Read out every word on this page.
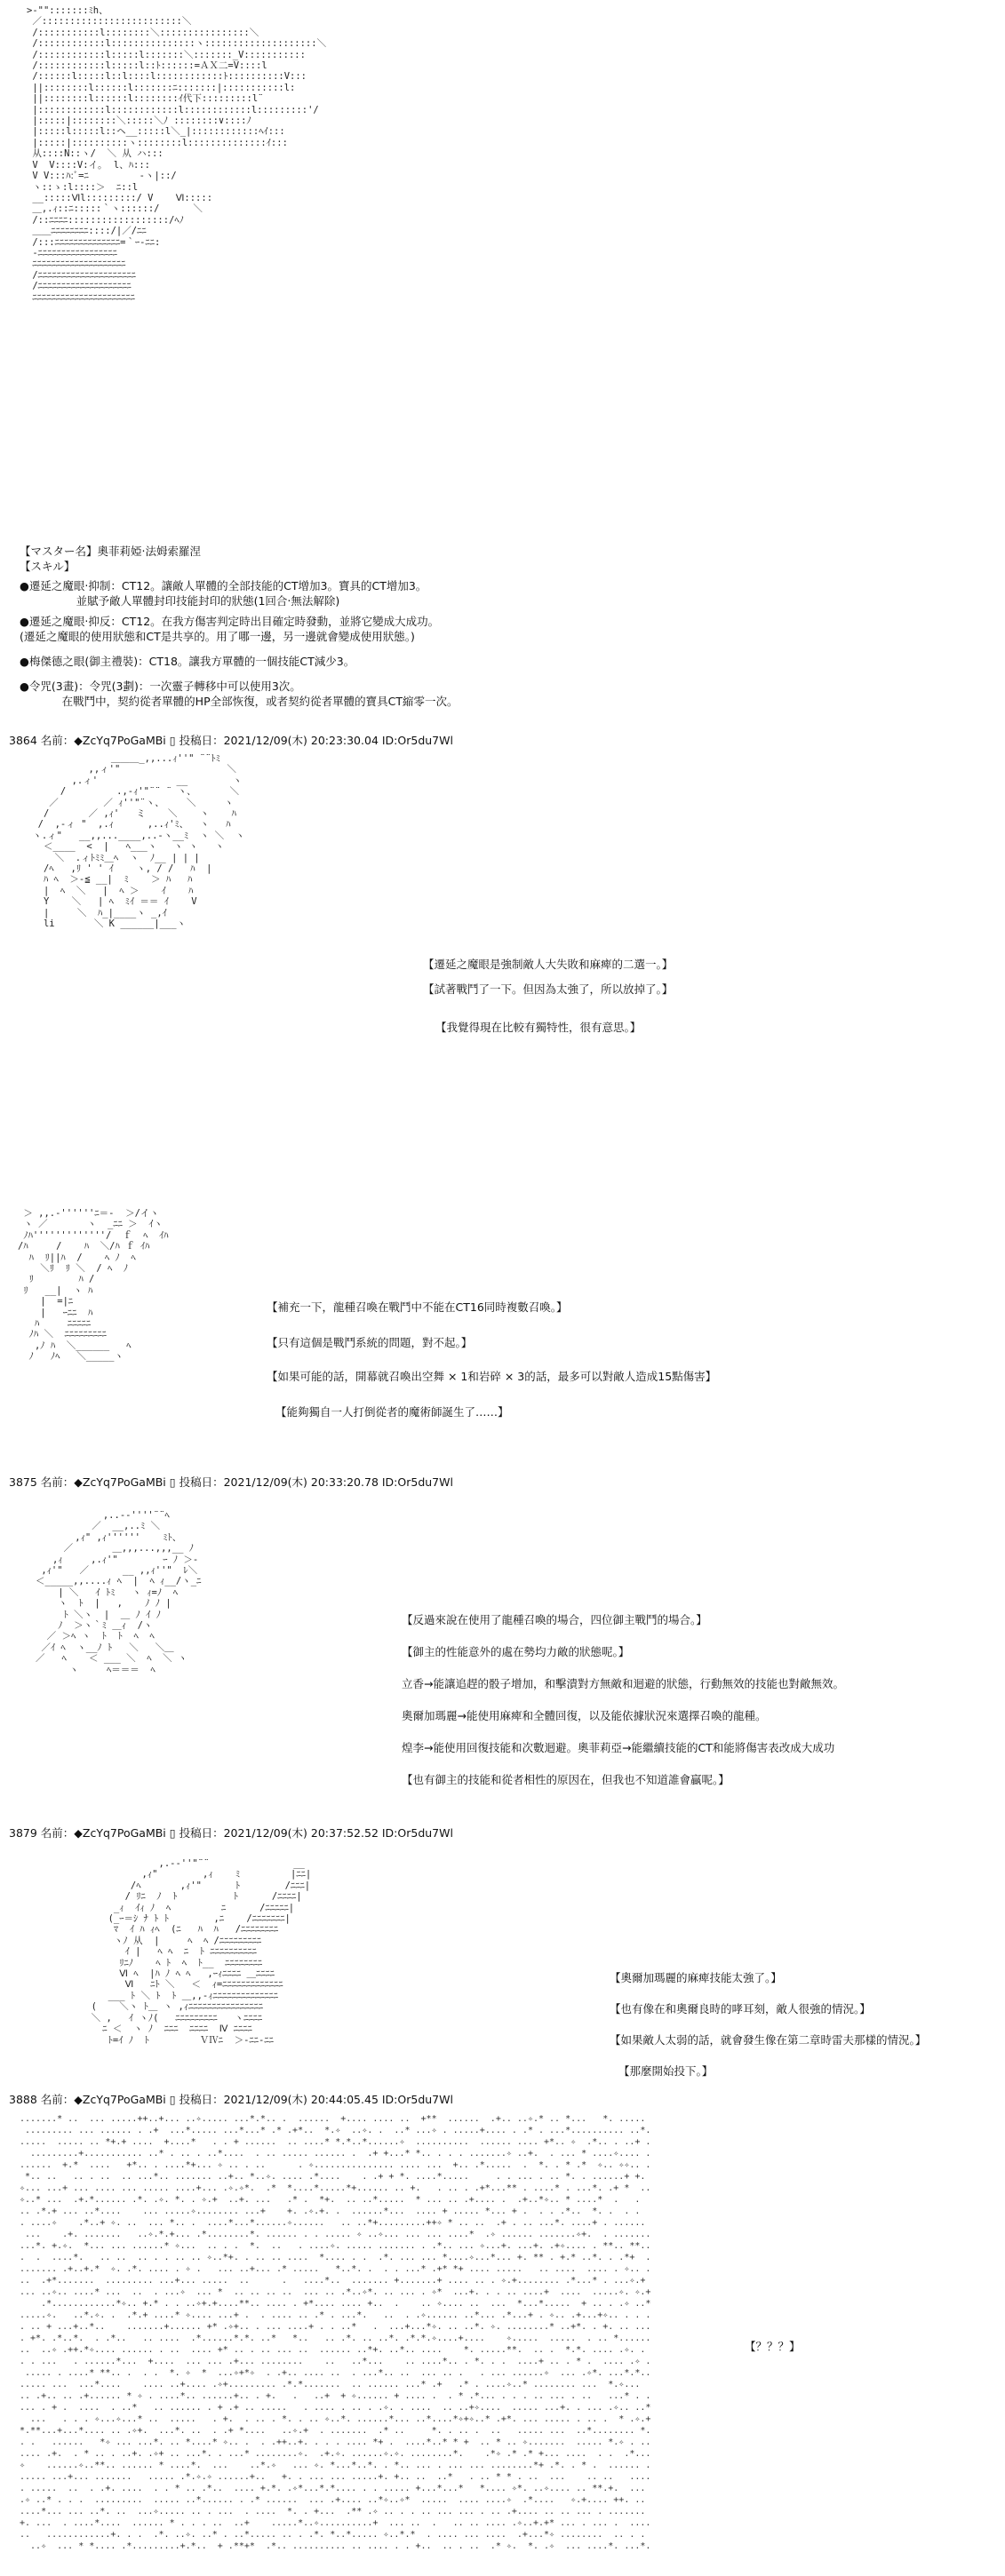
>‐"":::::::ﾐh、
／:::::::::::::::::::::::::＼
/:::::::::::l::::::::＼::::::::::::::::＼
/::::::::::::l:::::::::::::::ヽ::::::::::::::::::::＼
/::::::::::::l:::::l:::::::＼:::::::_V:::::::::::
/::::::::::::l:::::l::ﾄ::::::=ＡＸ二=V::::l
/::::::l:::::l::l::::l::::::::::::ﾄ::::::::::V:::
||::::::::l::::::l:::::::ﾆ:::::::|:::::::::::l:
||::::::::l::::::l::::::::ｲ代下:::::::::l¨
|::::::::::::l::::::::::::l::::::::::::l:::::::::'/
|:::::|::::::::＼:::::＼ﾉ ::::::::∨::::ﾉ
|:::::l:::::l::ヘ__:::::l＼_|::::::::::::ﾍｲ:::
|:::::|::::::::::ヽ::::::::l::::::::::::::ｲ:::
从::::N::ヽ/  ＼ 从 ハ:::
V  V::::V:イ｡  l、ﾊ:::
V V:::ﾊ:ﾞ=ﾆ         ‐ヽ|::/
ヽ::ゝ:l::::＞  ﾆ::l
__:::::Ⅵl:::::::::/ V    Ⅵ:::::
＿,.ｨ::ﾆ:::::｀ヽ::::::/      ＼
/::ﾆﾆﾆﾆ::::::::::::::::::/ﾍﾉ
＿＿ﾆﾆﾆﾆﾆﾆﾆﾆ::::/|／/ﾆﾆ
/:::ﾆﾆﾆﾆﾆﾆﾆﾆﾆﾆﾆﾆﾆﾆ=｀ｰ‐ﾆﾆ:
‐ﾆﾆﾆﾆﾆﾆﾆﾆﾆﾆﾆﾆﾆﾆﾆﾆﾆ
ﾆﾆﾆﾆﾆﾆﾆﾆﾆﾆﾆﾆﾆﾆﾆﾆﾆﾆﾆﾆ
/ﾆﾆﾆﾆﾆﾆﾆﾆﾆﾆﾆﾆﾆﾆﾆﾆﾆﾆﾆﾆﾆ
/ﾆﾆﾆﾆﾆﾆﾆﾆﾆﾆﾆﾆﾆﾆﾆﾆﾆﾆﾆﾆ
ﾆﾆﾆﾆﾆﾆﾆﾆﾆﾆﾆﾆﾆﾆﾆﾆﾆﾆﾆﾆﾆﾆ
【マスター名】奧菲莉婭‧法姆索羅涅
【スキル】
●遷延之魔眼‧抑制：CT12。讓敵人單體的全部技能的CT增加3。寶具的CT增加3。
並賦予敵人單體封印技能封印的狀態(1回合‧無法解除)
●遷延之魔眼‧抑反：CT12。在我方傷害判定時出目確定時發動，並將它變成大成功。
(遷延之魔眼的使用狀態和CT是共享的。用了哪一邊，另一邊就會變成使用狀態。)
●梅傑德之眼(御主禮裝)：CT18。讓我方單體的一個技能CT減少3。
●令咒(3畫)：令咒(3劃)：一次靈子轉移中可以使用3次。
在戰鬥中，契約從者單體的HP全部恢復，或者契約從者單體的寶具CT縮零一次。
3864 名前：◆ZcYq7PoGaMBi ▯ 投稿日：2021/12/09(木) 20:23:30.04 ID:Or5du7Wl
＿＿＿_,,...ｨ''" ¨¨ﾄﾐ
,,ィ'"                   ＼
,.ィ'              __        ヽ
/         .,-ｨ'"¨¨ ¨ ヽ、      ＼
／        ／ ｨ''"¨ヽ、    ＼     ヽ
/       ／ ,ｨ'   ミ    ＼    ヽ    ﾊ
/  ,-ィ "  ,.ｨ      ,..ｨ'ﾐ、  ヽ   ﾊ
ヽ.ィ"   __,,...____,..-ヽ__ﾐ  ヽ ＼  ヽ
＜____  <  |   ﾍ___ヽ   ヽ ヽ   ヽ
＼  .ィﾄﾐﾐ＿ﾍ  ヽ  ﾉ__ | | |
/ﾍ   ,ﾘ ' ' ｲ    ヽ, / /   ﾊ  |
ﾊ ﾍ  ＞‐≦ __|  ﾐ    ＞ ﾊ   ﾊ
|  ﾍ  ＼   |  ﾍ ＞    ｲ    ﾊ
Y    ＼   | ﾍ  ﾐｲ ＝＝ ｲ    V
|     ＼  ﾊ_|____ヽ _,ｲ
li       ＼ K ______|___ヽ
【遷延之魔眼是強制敵人大失敗和麻痺的二選一。】
【試著戰鬥了一下。但因為太強了，所以放掉了。】
【我覺得現在比較有獨特性，很有意思。】
＞ ,,.‐''''''ﾆ＝‐  ＞/イヽ
ヽ ／       ヽ  _ﾆﾆ ＞  ｲヽ
ﾉﾊ'''''''''''''/  ｆ  ﾍ  ｲﾊ
/ﾊ     /    ﾊ  ＼/ﾊ ｆ ｲﾊ
ﾊ  ﾘ||ﾊ  /    ﾍ ﾉ  ﾍ
＼ﾘ  ﾘ ＼  / ﾍ  ﾉ
ﾘ        ﾊ /
ﾘ   __|  ヽ ﾊ
|  =|ﾆ
|   ｰﾆﾆ  ﾊ
ﾊ     ﾆﾆﾆﾆﾆ
ﾉﾊ ＼  ﾆﾆﾆﾆﾆﾆﾆﾆﾆ
,ﾉ ﾊ  ＼______   ﾍ
ﾉ   ﾉﾍ   ＼_____ヽ
【補充一下，龍種召喚在戰鬥中不能在CT16同時複數召喚。】
【只有這個是戰鬥系統的問題，對不起。】
【如果可能的話，開幕就召喚出空舞 × 1和岩碎 × 3的話，最多可以對敵人造成15點傷害】
【能夠獨自一人打倒從者的魔術師誕生了……】
3875 名前：◆ZcYq7PoGaMBi ▯ 投稿日：2021/12/09(木) 20:33:20.78 ID:Or5du7Wl
,..-‐''''¨¨ﾍ
／  __,..ﾐ ＼
,ｨ" ,ｨ''''''    ﾐﾄ、
／       ＿,,,...,,,__ ﾉ
,ｨ     ,.ｨ'"        ｰ ﾉ ＞‐
,ｨ'"   ／      __ ,,ｨ''"  ﾚ＼
＜_____,,....ｨ ﾍ  |  ﾍ ｨ__/ヽ_ﾆ
| ＼   ｲ ﾄﾐ   ヽ ｨ=ﾉ  ﾍ
ヽ  ﾄ  |   ,    ﾉ ﾉ |
ﾄ ＼ヽ  |  ＿ ﾉ ｲ ﾉ
ﾉ  ＞ヽ｀ﾐ ＿ｨ  /ヽ
／ ＞ﾍ ヽ  ﾄ  ﾄ  ﾍ  ﾍ
／ｲ ﾍ  ヽ__ﾉ ﾄ   ＼   ＼＿
／   ﾍ    ＜ ___ ＼  ﾍ  ＼ ヽ
ヽ     ﾍ＝＝＝  ﾍ
【反過來說在使用了龍種召喚的場合，四位御主戰鬥的場合。】
【御主的性能意外的處在勢均力敵的狀態呢。】
立香→能讓追趕的骰子增加，和擊潰對方無敵和迴避的狀態，行動無效的技能也對敵無效。
奧爾加瑪麗→能使用麻痺和全體回復，以及能依據狀況來選擇召喚的龍種。
煌李→能使用回復技能和次數迴避。奧菲莉亞→能繼續技能的CT和能將傷害表改成大成功
【也有御主的技能和從者相性的原因在，但我也不知道誰會贏呢。】
3879 名前：◆ZcYq7PoGaMBi ▯ 投稿日：2021/12/09(木) 20:37:52.52 ID:Or5du7Wl
,.-‐''"¨¨               __
,ｨ"        ,ｨ    ﾐ         |ﾆﾆ|
/ﾍ       ,ｨ'"      ﾄ        /ﾆﾆﾆ|
/ ﾘﾆ  ﾉ  ﾄ          ﾄ      /ﾆﾆﾆﾆ|
_ｨ  ｲｨ ﾉ  ﾍ         ﾆ      /ﾆﾆﾆﾆﾆ|
(_ｰ＝ｼ ﾅ ﾄ ﾄ        ,ﾆ    /ﾆﾆﾆﾆﾆﾆﾆ|
ﾏ  ｲ ﾊ ｨﾍ  (ﾆ   ﾊ  ﾊ   /ﾆﾆﾆﾆﾆﾆﾆﾆ
ヽﾉ 从  |     ﾍ  ﾍ /ﾆﾆﾆﾆﾆﾆﾆﾆﾆ
ｲ |   ﾍ ﾍ  ﾆ  ﾄ ﾆﾆﾆﾆﾆﾆﾆﾆﾆﾆ
ﾘﾆﾉ    ﾍ ﾄ  ﾍ  ﾄ__  ﾆﾆﾆﾆﾆﾆﾆﾆ
Ⅵ ﾍ  |ﾊ ﾉ ﾍ ﾍ   ,ｰｨﾆﾆﾆﾆ ＿ﾆﾆﾆﾆ
Ⅵ   ﾆﾄ ＼   ＜  ｨ=ﾆﾆﾆﾆﾆﾆﾆﾆﾆﾆﾆﾆﾆ
___ ﾄ ＼ ﾄ  ﾄ ＿,,-ｨﾆﾆﾆﾆﾆﾆﾆﾆﾆﾆﾆﾆﾆﾆ
(    ＼ヽ ﾄ＿ ヽ ,ｨﾆﾆﾆﾆﾆﾆﾆﾆﾆﾆﾆﾆﾆﾆﾆﾆ
＼ ,   ｲ ヽﾉ(   ﾆﾆﾆﾆﾆﾆﾆﾆﾆ   ヽﾆﾆﾆﾆ
ﾆ ＜  ヽ ﾉ  ﾆﾆﾆ  ﾆﾆﾆﾆ  Ⅳ ﾆﾆﾆﾆ
ﾄ=ｲ ﾉ  ﾄ         ＶⅣﾆ  ＞‐ﾆﾆ‐ﾆﾆ
【奧爾加瑪麗的麻痺技能太強了。】
【也有像在和奧爾良時的哮耳刻，敵人很強的情況。】
【如果敵人太弱的話，就會發生像在第二章時雷夫那樣的情況。】
【那麼開始投下。】
3888 名前：◆ZcYq7PoGaMBi ▯ 投稿日：2021/12/09(木) 20:44:05.45 ID:Or5du7Wl
.......* ..  ... .....++..+... ..✧..... ...*.*.. .  ......  +.... .... ..  +**  ......  .+.. ..✧.* .. *...   *. .....
......... ... ...... . .+  ...*..... ...*...* .* .+*..  *.✧  ..✧. .  ..* ...✧ . .....+.... . .* . ...*.......... ..*.
.....  ..... .. *+.+ ....  +....*   . . + ......  .. ....* *.*..*......✧  ..........  ...... .... +*.. ✧  .*.. . ..+ .
.........+........... ..* . .. . ..*....  . .. ..... ...... .  .+ +...* *.. . . . .......✧ ..+.  . ... * ....✧.... .
......  +.*  ....   +*.. . ....*+... ✧ .. . ..      . ✧............... .... ...  +.. .*.....  .  *. . * .*  ✧.. ✧✧.. .
*.. ..   .. . ..  .. ...*.. ....... ..+.. *..✧. .... .*....    . .+ + *. ....*.....     . . ... . .. *. . ......+ +.
✧... ...+ ... .... ... ..... ....+... .✧.✧*.  .*  *....*.....*+...... .. +.   . .. . .+*...** . ....* . ...*. .+ *  ..
✧..* ...  .+.*...... .*. .✧. *. . ✧.+  ..+. ...   .* .  *+.  .. ..*.....  * ... .. .+.... .  .+..*✧.. * ....*  .   .
.. .*.+ ... ..*....    ... .....✧........ ...+    +. .✧.+. .  ......*...  .... + ..... *... + .  . . .*..  *. .  . .
. ....✧    .*..+ ✧. ..  ... *.. .  ....*...*......✧......   .. ..*+.........++✧ * .. ..  .+ . .. ...*. ....+ . ......
...    .+. .......   ..✧.*.+... .*........*. ...... . . ..... ✧ ..✧... ... ... ....*  .✧ ...... .......✧+.  . .......
...*. +.✧.  *... ... ......* ✧...  .. . .  *.  ..   . ....✧. ..... ....... . .*.. ... ✧...+. ...+. .+✧.... . **.. **..
.  .  ....*.   .. ..  .. . . .. .. ✧..*+. . .. .. ....  *.... . .  .*. ... ... *....✧...*... +. ** . +.* ..*. . .*+  .
....... .+..+.*  ✧. .*. .... . ✧ .   ... ..+... .* .....   *..*. .  . . ...* .+* *+ .... .....   .. ....  .... . ✧.. .
..  .+*.......  ......... ...+... .....  ..      .   ....*..  ....... +.......+ .... .. . ✧.+........ .*...* . ...✧.+
... ..✧.. ....* ...  ..  . ...✧  ... *  .. .. .. ..  ... .. .*..✧*. .. ... . ✧*  ...+. . . .. ....+  ....  .....✧. ✧.+
.*............*✧.. +.* . . ..✧+.+....**.. .... . +*.... .... +..  .    .. ✧.... ..  ...  *...*.....  + .. . .✧ ..*
.....✧.   ..*.✧. .  .*.+ ....* ✧.... ...+ .  . .... .. .* . ...*.   ..  . .✧...... ..*... .*...+ . ✧.. .+...+✧.. . . .
. .. + ...+..*..    .......+...... +* .✧+.. . ... ....+ . . ..*   .  ...+...*✧. .. ..*. ✧. ........* ..+*. . +. .. ...
. +*. .*..*.  . .*..   .. ....  .*......*.*. ..*   *..   .. .*. .. ..*. .*.*.✧....+....    ✧.....  .....  . .. *......
..  ..✧ .++.*✧.... ...... . ..  .... +* .. . .. ... ..  ...... ..*+. ..*.. ....    *. .....**.  .. .  *.*. .... .✧. .
. . ...   . ......*...  +....  ... ... .+... ........    ..   ..*...    .. ....*.. . *. . .  ....+ .. . * .  .... .✧ .
..... . ....* **.. .  . .  *. ✧  *  ...✧+*✧  . .+.. .... ..  . ...*.. ..  ... .. .   . ... ......✧  ... .✧*. ...*.*..
..... ...  ...*....    .... ..+.... .✧+......... .*.*.......  .. ...... ...* .+   .* . ....✧..* ........ ...  *.✧...
.. .+.. .. .+...... * ✧ . ....*.. ......+.. . +.   .   ..+  + ✧...... + .... .  . * .*... . . . .. ... . ..   ...* . .
... . + .  ....  . ..*   .. ...... . + .+ .. .....   . .... . .. . .✧. . ....  .. ..+✧....  ..... ...+. . ... .✧.. ..*
...   . . . ✧...✧...* ..  .....   . +.  . .. . *. . .. ✧..*. ......*... ..*....*✧+✧..* .+*. ... ..... . .. .  * .✧.+
*.**...+...*.... .. .✧+.  ...*. ..  . .+ *....   ..✧.+  . .......  .* ..     *. . .. .  ..   ..... ...  ..*........ *.
. .   ......   *✧ ... ...*. .. *....* ✧.. .  . .++..+. . . . .... *+ .  ....*..* * +  .. * .. ✧.......  ..... *.✧ . ..
.... .+.  . * .. . ..+. .✧+ .. ...*. . ...* ........✧.  .+.✧. ......✧.✧. ........*.    .*✧ .* .* +... ....  . .  .*...
✧    ......✧..**.. ...... * ....*.  ...    ..*.✧   ... ✧. *...*..*. . *.. ... . ... ... ........*+ .*. . * .  ...... .
..... ...+... .......   ..... .*.✧.✧ ......+..   +. . ... ... .....+. +.. ..  ..*   . .. * * . ..  ...    .. ..   ....
. .....  ..  . .+. ....  . . * .. .*..  .... +.*. .✧*...*.*.... . . ..... +...*...*   *.... ✧*. ..✧.... .. **.+.  ...
.✧ ..* . . .  .........  ..... ..*...... . .* ......  ... .+.... ..*✧..✧*  .....  .... ....✧  .*....   ✧.+.... ++. ..
....*... ... ..*. ..  ...✧..... .. . ...  . ....  *. . +...  .** .✧ .. . . .. ... ... . .. .+.... .. .. ... . .......
+. ...  . ....*....  ...... * . . . ..  ..+    .....*..✧..........+  ... ..  .   .. .. .... .✧..+.+* ... . ... .  ....
..   ............+. . .  .*. ..✧. ..* . ..*..... .. . .*. *..*..... ✧..*.*  . .... ... ....  .+...*✧ ........  .. . .
..✧  ... * *.... .*.........+.*..  + .**+*  .*.. .......... .. .... . . +..  .. . ..  .* ✧.  *. .✧  ... ....*. ...*.
【？？？】
